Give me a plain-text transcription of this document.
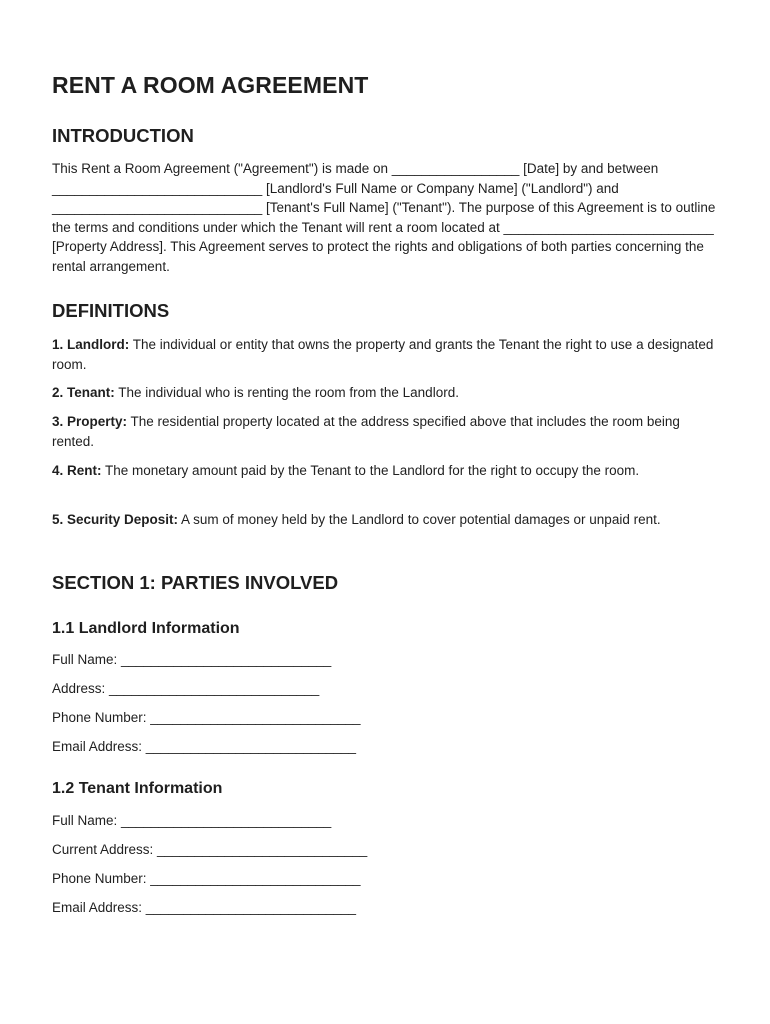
RENT A ROOM AGREEMENT
INTRODUCTION

This Rent a Room Agreement ("Agreement") is made on _________________ [Date] by and between ____________________________ [Landlord's Full Name or Company Name] ("Landlord") and ____________________________ [Tenant's Full Name] ("Tenant"). The purpose of this Agreement is to outline the terms and conditions under which the Tenant will rent a room located at ____________________________ [Property Address]. This Agreement serves to protect the rights and obligations of both parties concerning the rental arrangement.

DEFINITIONS

1. Landlord: The individual or entity that owns the property and grants the Tenant the right to use a designated room.

2. Tenant: The individual who is renting the room from the Landlord.

3. Property: The residential property located at the address specified above that includes the room being rented.

4. Rent: The monetary amount paid by the Tenant to the Landlord for the right to occupy the room.

5. Security Deposit: A sum of money held by the Landlord to cover potential damages or unpaid rent.

SECTION 1: PARTIES INVOLVED
1.1 Landlord Information

Full Name: ____________________________

Address: ____________________________

Phone Number: ____________________________

Email Address: ____________________________

1.2 Tenant Information

Full Name: ____________________________

Current Address: ____________________________

Phone Number: ____________________________

Email Address: ____________________________
